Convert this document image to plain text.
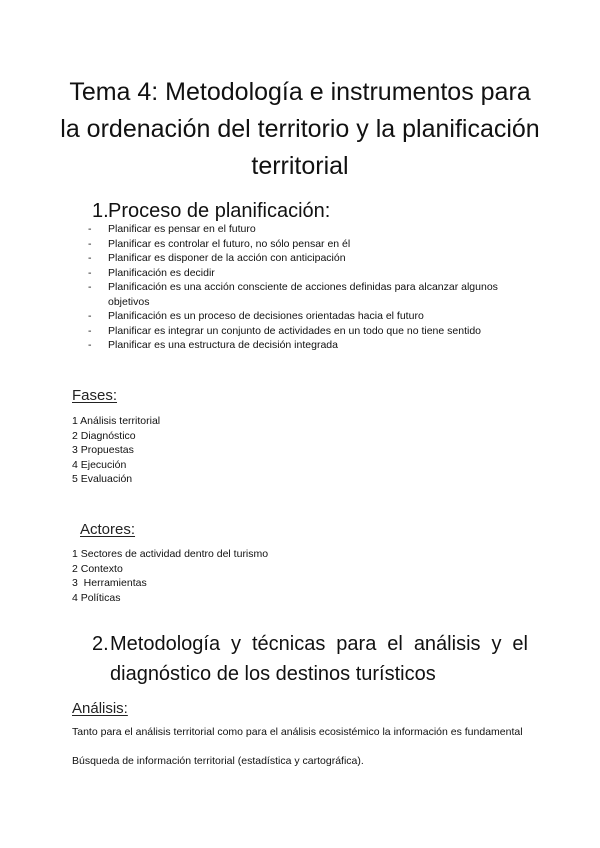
Tema 4: Metodología e instrumentos para la ordenación del territorio y la planificación territorial
1. Proceso de planificación:
-	Planificar es pensar en el futuro
-	Planificar es controlar el futuro, no sólo pensar en él
-	Planificar es disponer de la acción con anticipación
-	Planificación es decidir
-	Planificación es una acción consciente de acciones definidas para alcanzar algunos objetivos
-	Planificación es un proceso de decisiones orientadas hacia el futuro
-	Planificar es integrar un conjunto de actividades en un todo que no tiene sentido
-	Planificar es una estructura de decisión integrada
Fases:
1 Análisis territorial
2 Diagnóstico
3 Propuestas
4 Ejecución
5 Evaluación
Actores:
1 Sectores de actividad dentro del turismo
2 Contexto
3  Herramientas
4 Políticas
2. Metodología y técnicas para el análisis y el diagnóstico de los destinos turísticos
Análisis:

Tanto para el análisis territorial como para el análisis ecosistémico la información es fundamental

Búsqueda de información territorial (estadística y cartográfica).
